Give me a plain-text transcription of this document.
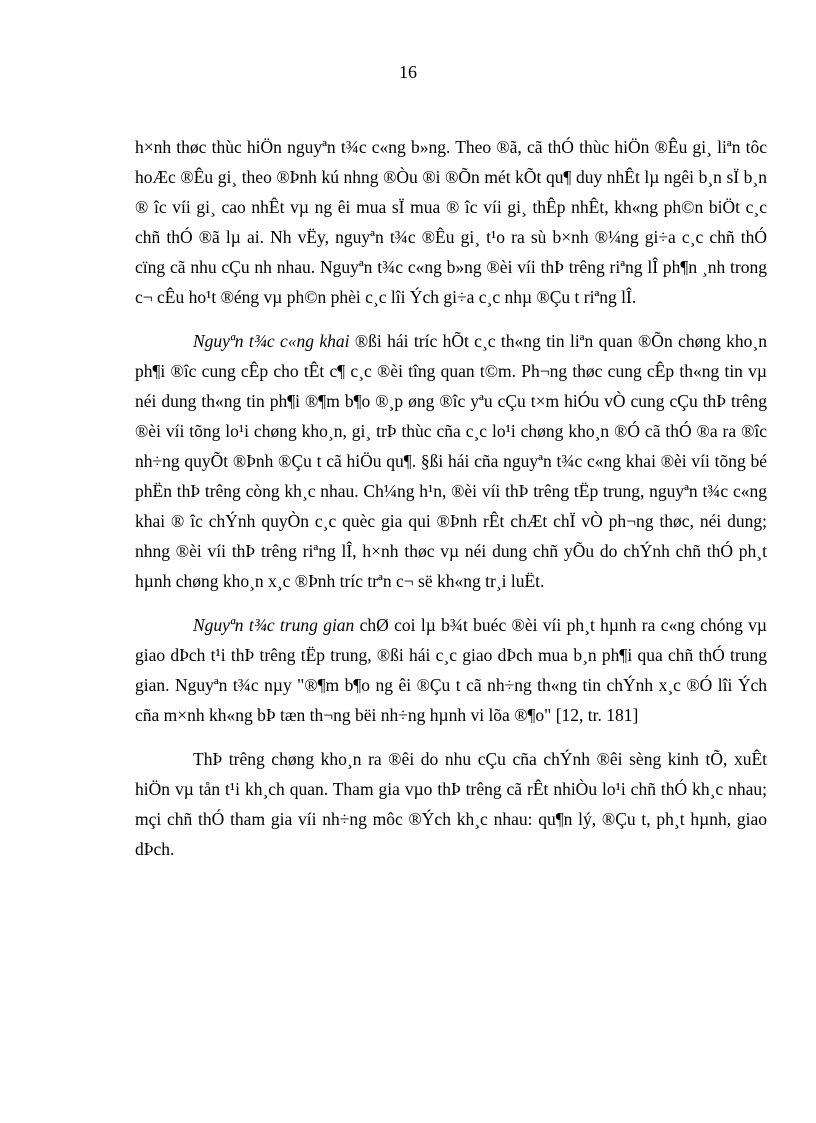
16

h×nh thøc thùc hiÖn nguyªn t¾c c«ng b»ng. Theo ®ã, cã thÓ thùc hiÖn ®Êu gi¸ liªn tôc hoÆc ®Êu gi¸ theo ®Þnh kú nhng ®Òu ®i ®Õn mét kÕt qu¶ duy nhÊt lµ ngêi b¸n sÏ b¸n ® îc víi gi¸ cao nhÊt vµ ng êi mua sÏ mua ® îc víi gi¸ thÊp nhÊt, kh«ng ph©n biÖt c¸c chñ thÓ ®ã lµ ai. Nh vËy, nguyªn t¾c ®Êu gi¸ t¹o ra sù b×nh ®¼ng gi÷a c¸c chñ thÓ cïng cã nhu cÇu nh nhau. Nguyªn t¾c c«ng b»ng ®èi víi thÞ trêng riªng lÎ ph¶n ¸nh trong c¬ cÊu ho¹t ®éng vµ ph©n phèi c¸c lîi Ých gi÷a c¸c nhµ ®Çu t riªng lÎ.

Nguyªn t¾c c«ng khai ®ßi hái tríc hÕt c¸c th«ng tin liªn quan ®Õn chøng kho¸n ph¶i ®îc cung cÊp cho tÊt c¶ c¸c ®èi tîng quan t©m. Ph¬ng thøc cung cÊp th«ng tin vµ néi dung th«ng tin ph¶i ®¶m b¶o ®¸p øng ®îc yªu cÇu t×m hiÓu vÒ cung cÇu thÞ trêng ®èi víi tõng lo¹i chøng kho¸n, gi¸ trÞ thùc cña c¸c lo¹i chøng kho¸n ®Ó cã thÓ ®a ra ®îc nh÷ng quyÕt ®Þnh ®Çu t cã hiÖu qu¶. §ßi hái cña nguyªn t¾c c«ng khai ®èi víi tõng bé phËn thÞ trêng còng kh¸c nhau. Ch¼ng h¹n, ®èi víi thÞ trêng tËp trung, nguyªn t¾c c«ng khai ® îc chÝnh quyÒn c¸c quèc gia qui ®Þnh rÊt chÆt chÏ vÒ ph¬ng thøc, néi dung; nhng ®èi víi thÞ trêng riªng lÎ, h×nh thøc vµ néi dung chñ yÕu do chÝnh chñ thÓ ph¸t hµnh chøng kho¸n x¸c ®Þnh tríc trªn c¬ së kh«ng tr¸i luËt.

Nguyªn t¾c trung gian chØ coi lµ b¾t buéc ®èi víi ph¸t hµnh ra c«ng chóng vµ giao dÞch t¹i thÞ trêng tËp trung, ®ßi hái c¸c giao dÞch mua b¸n ph¶i qua chñ thÓ trung gian. Nguyªn t¾c nµy "®¶m b¶o ng êi ®Çu t cã nh÷ng th«ng tin chÝnh x¸c ®Ó lîi Ých cña m×nh kh«ng bÞ tæn th¬ng bëi nh÷ng hµnh vi lõa ®¶o" [12, tr. 181]

ThÞ trêng chøng kho¸n ra ®êi do nhu cÇu cña chÝnh ®êi sèng kinh tÕ, xuÊt hiÖn vµ tån t¹i kh¸ch quan. Tham gia vµo thÞ trêng cã rÊt nhiÒu lo¹i chñ thÓ kh¸c nhau; mçi chñ thÓ tham gia víi nh÷ng môc ®Ých kh¸c nhau: qu¶n lý, ®Çu t, ph¸t hµnh, giao dÞch.
